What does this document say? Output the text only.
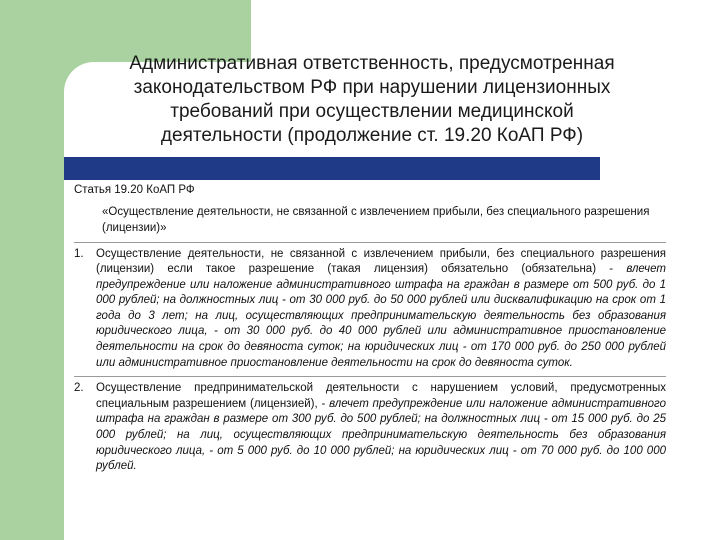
Административная ответственность, предусмотренная
законодательством РФ при нарушении лицензионных
требований при осуществлении медицинской
деятельности (продолжение ст. 19.20 КоАП РФ)
Статья 19.20 КоАП РФ
«Осуществление деятельности, не связанной с извлечением прибыли, без специального разрешения (лицензии)»
1.	Осуществление деятельности, не связанной с извлечением прибыли, без специального разрешения (лицензии) если такое разрешение (такая лицензия) обязательно (обязательна) - влечет предупреждение или наложение административного штрафа на граждан в размере от 500 руб. до 1 000 рублей; на должностных лиц - от 30 000 руб. до 50 000 рублей или дисквалификацию на срок от 1 года до 3 лет; на лиц, осуществляющих предпринимательскую деятельность без образования юридического лица, - от 30 000 руб. до 40 000 рублей или административное приостановление деятельности на срок до девяноста суток; на юридических лиц - от 170 000 руб. до 250 000 рублей или административное приостановление деятельности на срок до девяноста суток.
2.	Осуществление предпринимательской деятельности с нарушением условий, предусмотренных специальным разрешением (лицензией), - влечет предупреждение или наложение административного штрафа на граждан в размере от 300 руб. до 500 рублей; на должностных лиц - от 15 000 руб. до 25 000 рублей; на лиц, осуществляющих предпринимательскую деятельность без образования юридического лица, - от 5 000 руб. до 10 000 рублей; на юридических лиц - от 70 000 руб. до 100 000 рублей.
